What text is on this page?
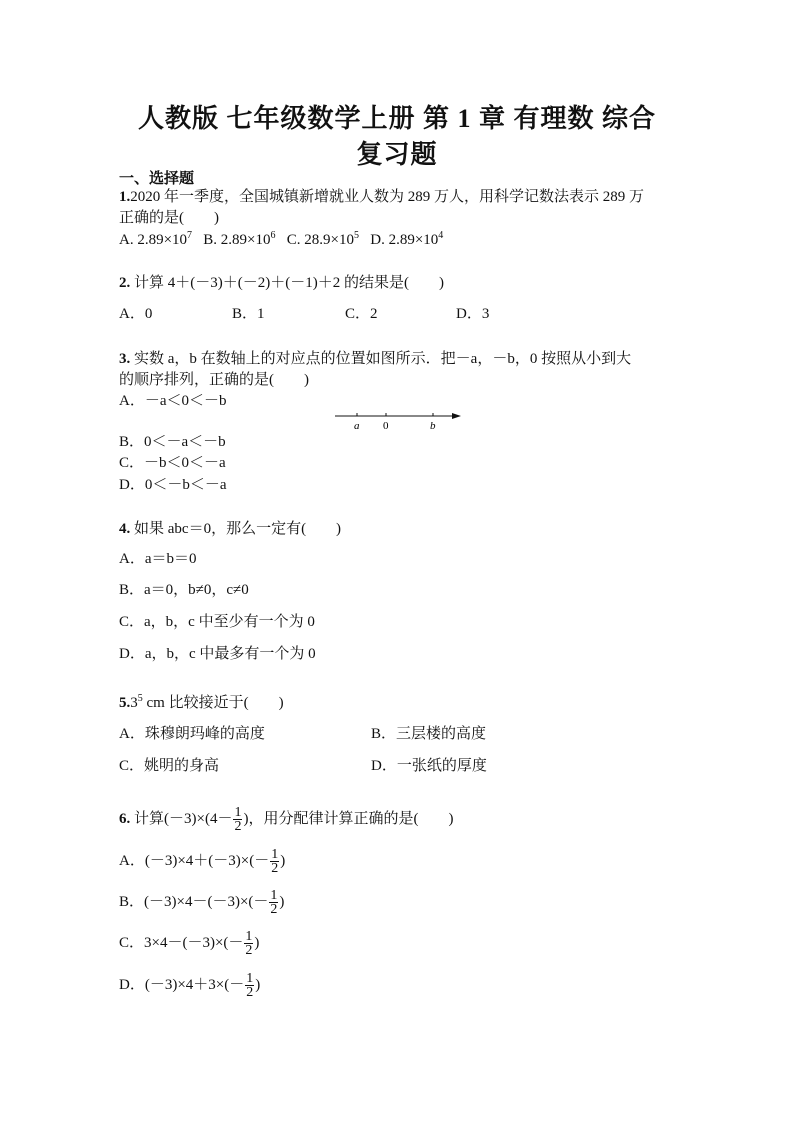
人教版 七年级数学上册 第 1 章 有理数 综合
复习题
一、选择题
1.2020 年一季度，全国城镇新增就业人数为 289 万人，用科学记数法表示 289 万
正确的是(　　)
A. $2.89\times 10^7$ B. $2.89\times 10^6$ C. $28.9\times 10^5$ D. $2.89\times 10^4$
2. 计算 4＋(－3)＋(－2)＋(－1)＋2 的结果是(　　)
A．0	B．1	C．2	D．3
3. 实数 a，b 在数轴上的对应点的位置如图所示．把－a，－b，0 按照从小到大
的顺序排列，正确的是(　　)
A．－a＜0＜－b
B．0＜－a＜－b
C．－b＜0＜－a
D．0＜－b＜－a
a 0	b
4. 如果 abc＝0，那么一定有(　　)
A．a＝b＝0
B．a＝0，b≠0，c≠0
C．a，b，c 中至少有一个为 0
D．a，b，c 中最多有一个为 0
$5.3^5$ cm 比较接近于(　　)
A．珠穆朗玛峰的高度	B．三层楼的高度
C．姚明的身高	D．一张纸的厚度
6. 计算$(-3)\times(4- \frac{1}{2}$ )，用分配律计算正确的是(　　)
A．$(-3)\times 4+(-3)\times(- \frac{1}{2}$ )
B．$(-3)\times 4-(-3)\times(- \frac{1}{2}$ )
C．$3\times 4-(-3)\times(- \frac{1}{2}$ )
D．$(-3)\times 4+3\times(- \frac{1}{2}$ )
